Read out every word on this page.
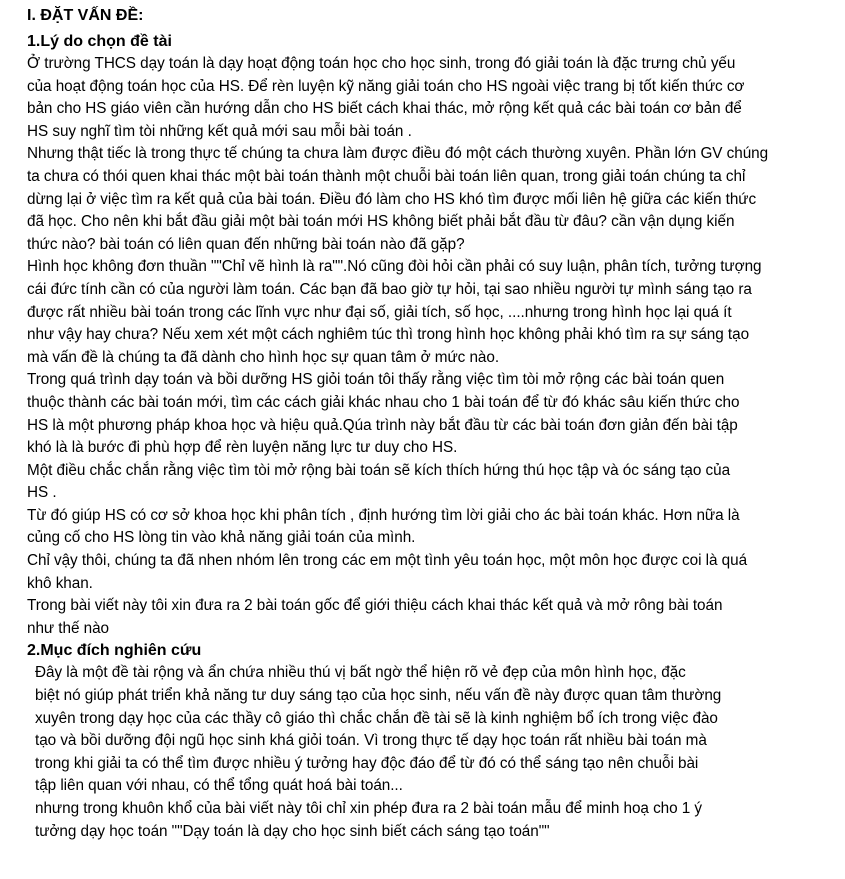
I. ĐẶT VẤN ĐỀ:
1.Lý do chọn đề tài
Ở trường THCS dạy toán là dạy hoạt động toán học cho học sinh, trong đó giải toán là đặc trưng chủ yếu
của hoạt động toán học của HS. Để rèn luyện kỹ năng giải toán cho HS ngoài việc trang bị tốt kiến thức cơ
bản cho HS giáo viên cần hướng dẫn cho HS biết cách khai thác, mở rộng kết quả các bài toán cơ bản để
HS suy nghĩ tìm tòi những kết quả mới sau mỗi bài toán .
Nhưng thật tiếc là trong thực tế chúng ta chưa làm được điều đó một cách thường xuyên. Phần lớn GV chúng
ta chưa có thói quen khai thác một bài toán thành một chuỗi bài toán liên quan, trong giải toán chúng ta chỉ
dừng lại ở việc tìm ra kết quả của bài toán. Điều đó làm cho HS khó tìm được mối liên hệ giữa các kiến thức
đã học. Cho nên khi bắt đầu giải một bài toán mới HS không biết phải bắt đầu từ đâu? cần vận dụng kiến
thức nào? bài toán có liên quan đến những bài toán nào đã gặp?
Hình học không đơn thuần ""Chỉ vẽ hình là ra"".Nó cũng đòi hỏi cần phải có suy luận, phân tích, tưởng tượng
cái đức tính cần có của người làm toán. Các bạn đã bao giờ tự hỏi, tại sao nhiều người tự mình sáng tạo ra
được rất nhiều bài toán trong các lĩnh vực như đại số, giải tích, số học, ....nhưng trong hình học lại quá ít
như vậy hay chưa? Nếu xem xét một cách nghiêm túc thì trong hình học không phải khó tìm ra sự sáng tạo
mà vấn đề là chúng ta đã dành cho hình học sự quan tâm ở mức nào.
Trong quá trình dạy toán và bồi dưỡng HS giỏi toán tôi thấy rằng việc tìm tòi mở rộng các bài toán quen
thuộc thành các bài toán mới, tìm các cách giải khác nhau cho 1 bài toán để từ đó khác sâu kiến thức cho
HS là một phương pháp khoa học và hiệu quả.Qúa trình này bắt đầu từ các bài toán đơn giản đến bài tập
khó là là bước đi phù hợp để rèn luyện năng lực tư duy cho HS.
Một điều chắc chắn rằng việc tìm tòi mở rộng bài toán sẽ kích thích hứng thú học tập và óc sáng tạo của
HS .
Từ đó giúp HS có cơ sở khoa học khi phân tích , định hướng tìm lời giải cho ác bài toán khác. Hơn nữa là
củng cố cho HS lòng tin vào khả năng giải toán của mình.
Chỉ vậy thôi, chúng ta đã nhen nhóm lên trong các em một tình yêu toán học, một môn học được coi là quá
khô khan.
Trong bài viết này tôi xin đưa ra 2 bài toán gốc để giới thiệu cách khai thác kết quả và mở rông bài toán
như thế nào
2.Mục đích nghiên cứu
Đây là một đề tài rộng và ẩn chứa nhiều thú vị bất ngờ thể hiện rõ vẻ đẹp của môn hình học, đặc
biệt nó giúp phát triển khả năng tư duy sáng tạo của học sinh, nếu vấn đề này được quan tâm thường
xuyên trong dạy học của các thầy cô giáo thì chắc chắn đề tài sẽ là kinh nghiệm bổ ích trong việc đào
tạo và bồi dưỡng đội ngũ học sinh khá giỏi toán. Vì trong thực tế dạy học toán rất nhiều bài toán mà
trong khi giải ta có thể tìm được nhiều ý tưởng hay độc đáo để từ đó có thể sáng tạo nên chuỗi bài
tập liên quan với nhau, có thể tổng quát hoá bài toán...
nhưng trong khuôn khổ của bài viết này tôi chỉ xin phép đưa ra 2 bài toán mẫu để minh hoạ cho 1 ý
tưởng dạy học toán ""Dạy toán là dạy cho học sinh biết cách sáng tạo toán""
